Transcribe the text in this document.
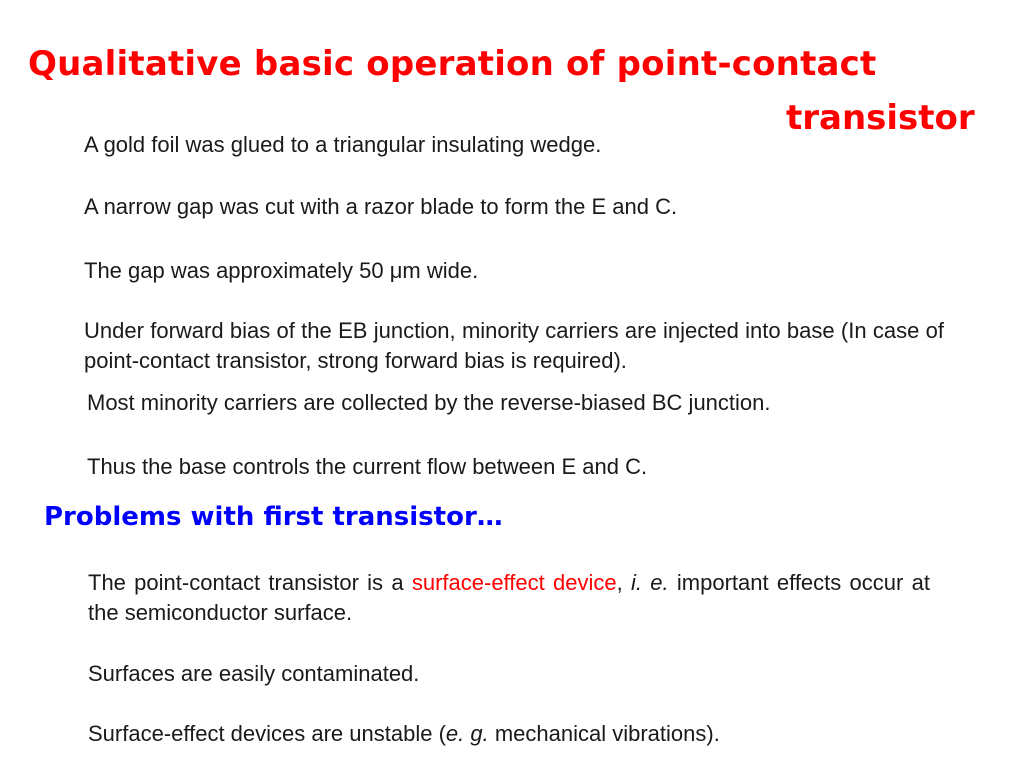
Qualitative basic operation of point-contact
transistor
A gold foil was glued to a triangular insulating wedge.
A narrow gap was cut with a razor blade to form the E and C.
The gap was approximately 50 μm wide.
Under forward bias of the EB junction, minority carriers are injected into base (In case of point-contact transistor, strong forward bias is required).
Most minority carriers are collected by the reverse-biased BC junction.
Thus the base controls the current flow between E and C.
Problems with first transistor…
The point-contact transistor is a surface-effect device, i. e. important effects occur at the semiconductor surface.
Surfaces are easily contaminated.
Surface-effect devices are unstable (e. g. mechanical vibrations).
